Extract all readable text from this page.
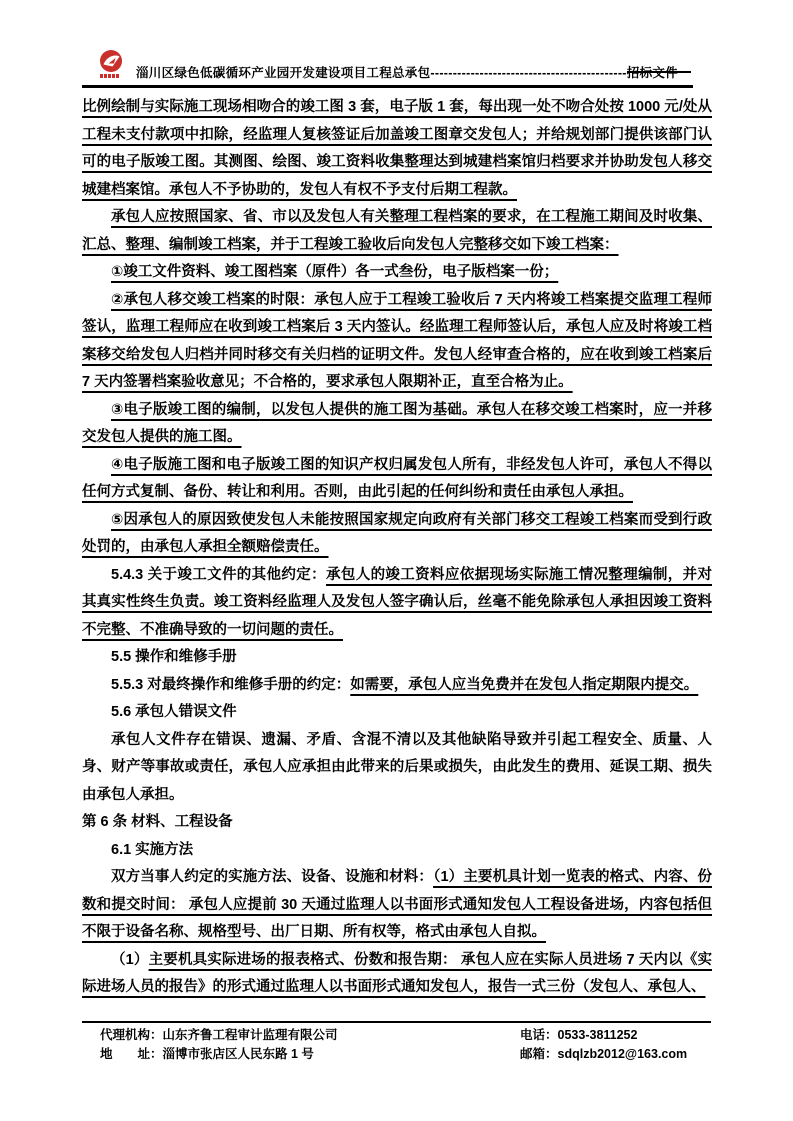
淄川区绿色低碳循环产业园开发建设项目工程总承包--------------------------------------------

比例绘制与实际施工现场相吻合的竣工图 3 套，电子版 1 套，每出现一处不吻合处按 1000 元/处从工程未支付款项中扣除，经监理人复核签证后加盖竣工图章交发包人；并给规划部门提供该部门认可的电子版竣工图。其测图、绘图、竣工资料收集整理达到城建档案馆归档要求并协助发包人移交城建档案馆。承包人不予协助的，发包人有权不予支付后期工程款。

承包人应按照国家、省、市以及发包人有关整理工程档案的要求，在工程施工期间及时收集、汇总、整理、编制竣工档案，并于工程竣工验收后向发包人完整移交如下竣工档案：

①竣工文件资料、竣工图档案（原件）各一式叁份，电子版档案一份；

②承包人移交竣工档案的时限：承包人应于工程竣工验收后 7 天内将竣工档案提交监理工程师签认，监理工程师应在收到竣工档案后 3 天内签认。经监理工程师签认后，承包人应及时将竣工档案移交给发包人归档并同时移交有关归档的证明文件。发包人经审查合格的，应在收到竣工档案后 7 天内签署档案验收意见；不合格的，要求承包人限期补正，直至合格为止。

③电子版竣工图的编制，以发包人提供的施工图为基础。承包人在移交竣工档案时，应一并移交发包人提供的施工图。

④电子版施工图和电子版竣工图的知识产权归属发包人所有，非经发包人许可，承包人不得以任何方式复制、备份、转让和利用。否则，由此引起的任何纠纷和责任由承包人承担。

⑤因承包人的原因致使发包人未能按照国家规定向政府有关部门移交工程竣工档案而受到行政处罚的，由承包人承担全额赔偿责任。

5.4.3 关于竣工文件的其他约定：承包人的竣工资料应依据现场实际施工情况整理编制，并对其真实性终生负责。竣工资料经监理人及发包人签字确认后，丝毫不能免除承包人承担因竣工资料不完整、不准确导致的一切问题的责任。

5.5 操作和维修手册

5.5.3 对最终操作和维修手册的约定：如需要，承包人应当免费并在发包人指定期限内提交。

5.6 承包人错误文件

承包人文件存在错误、遗漏、矛盾、含混不清以及其他缺陷导致并引起工程安全、质量、人身、财产等事故或责任，承包人应承担由此带来的后果或损失，由此发生的费用、延误工期、损失由承包人承担。

第 6 条 材料、工程设备

6.1 实施方法

双方当事人约定的实施方法、设备、设施和材料：（1）主要机具计划一览表的格式、内容、份数和提交时间： 承包人应提前 30 天通过监理人以书面形式通知发包人工程设备进场，内容包括但不限于设备名称、规格型号、出厂日期、所有权等，格式由承包人自拟。

（1）主要机具实际进场的报表格式、份数和报告期： 承包人应在实际人员进场 7 天内以《实际进场人员的报告》的形式通过监理人以书面形式通知发包人，报告一式三份（发包人、承包人、

代理机构：山东齐鲁工程审计监理有限公司
地　　址：淄博市张店区人民东路 1 号
电话：0533-3811252
邮箱：sdqlzb2012@163.com
